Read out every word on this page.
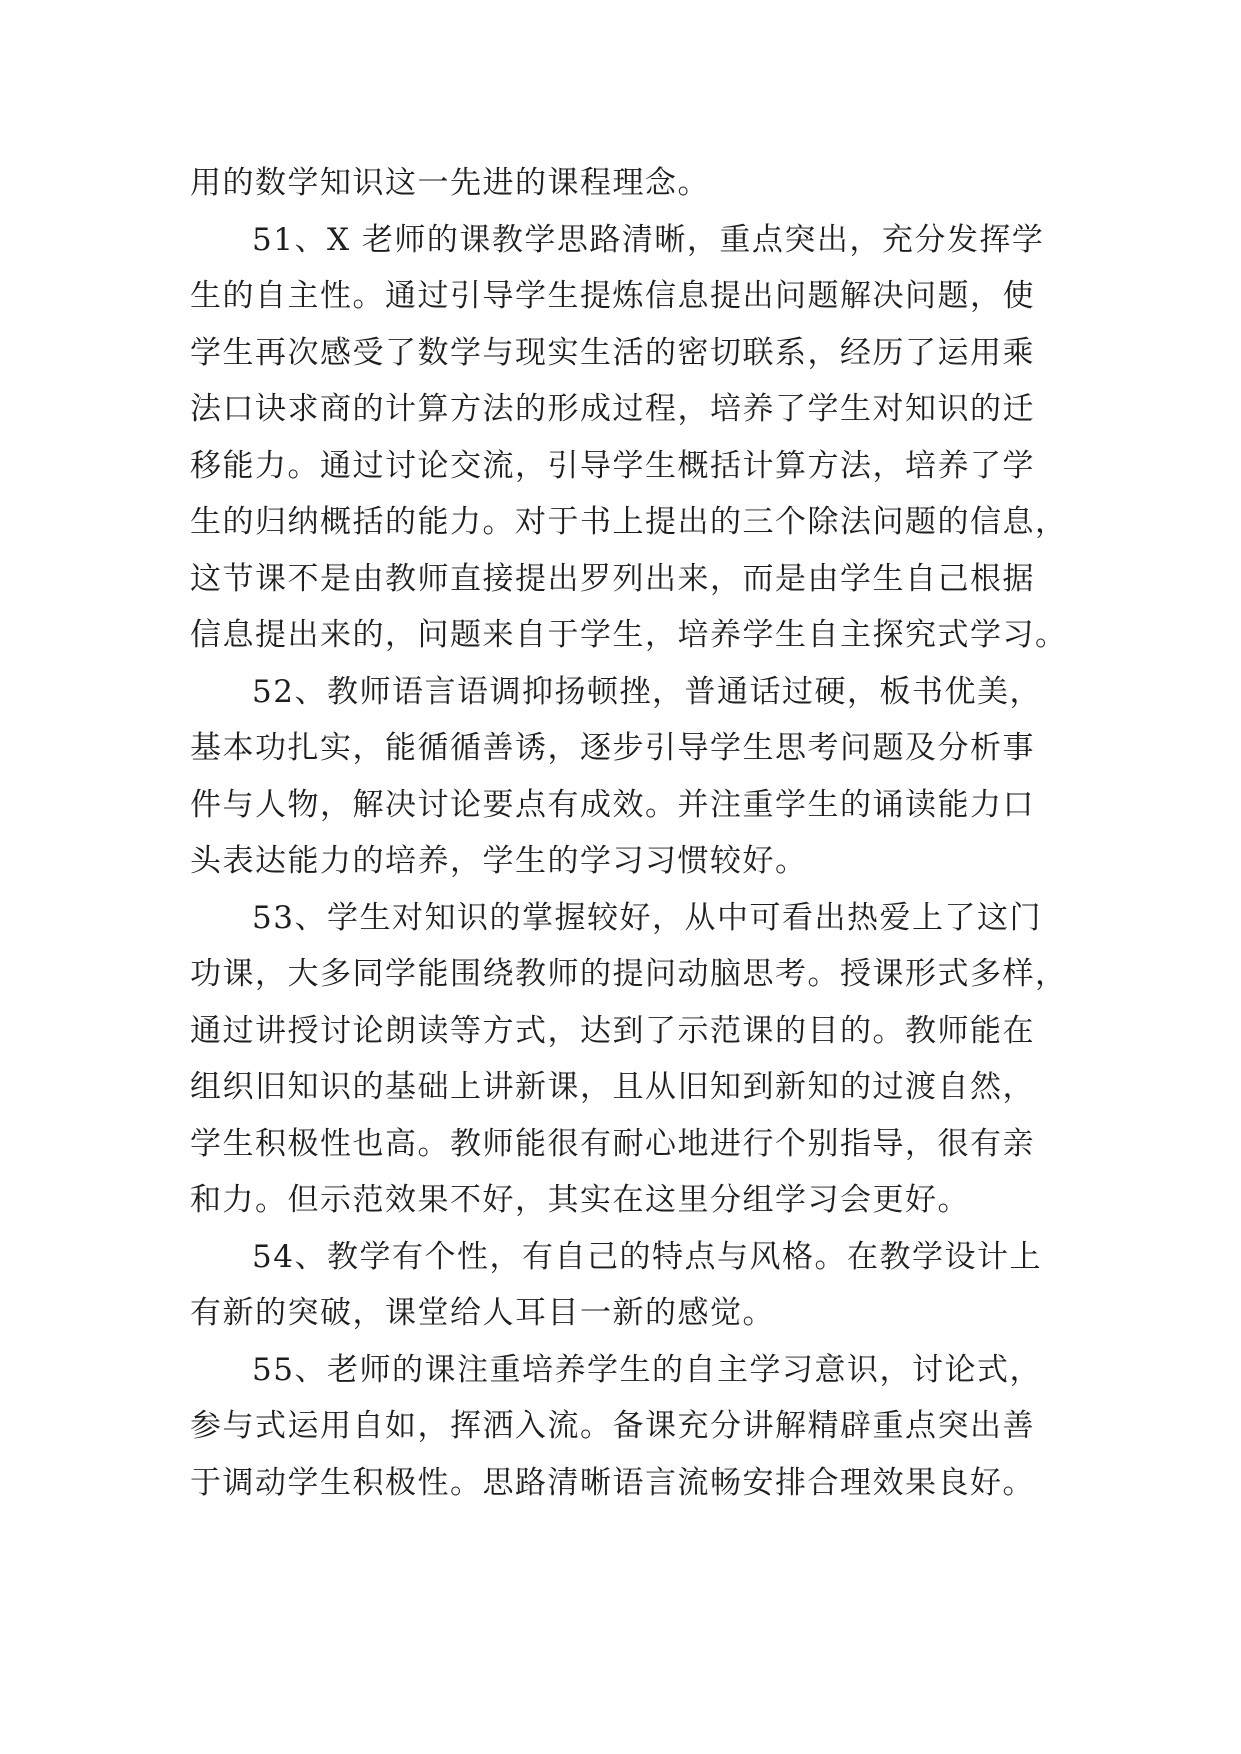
用的数学知识这一先进的课程理念。
51、X 老师的课教学思路清晰，重点突出，充分发挥学
生的自主性。通过引导学生提炼信息提出问题解决问题，使
学生再次感受了数学与现实生活的密切联系，经历了运用乘
法口诀求商的计算方法的形成过程，培养了学生对知识的迁
移能力。通过讨论交流，引导学生概括计算方法，培养了学
生的归纳概括的能力。对于书上提出的三个除法问题的信息，
这节课不是由教师直接提出罗列出来，而是由学生自己根据
信息提出来的，问题来自于学生，培养学生自主探究式学习。
52、教师语言语调抑扬顿挫，普通话过硬，板书优美，
基本功扎实，能循循善诱，逐步引导学生思考问题及分析事
件与人物，解决讨论要点有成效。并注重学生的诵读能力口
头表达能力的培养，学生的学习习惯较好。
53、学生对知识的掌握较好，从中可看出热爱上了这门
功课，大多同学能围绕教师的提问动脑思考。授课形式多样，
通过讲授讨论朗读等方式，达到了示范课的目的。教师能在
组织旧知识的基础上讲新课，且从旧知到新知的过渡自然，
学生积极性也高。教师能很有耐心地进行个别指导，很有亲
和力。但示范效果不好，其实在这里分组学习会更好。
54、教学有个性，有自己的特点与风格。在教学设计上
有新的突破，课堂给人耳目一新的感觉。
55、老师的课注重培养学生的自主学习意识，讨论式，
参与式运用自如，挥洒入流。备课充分讲解精辟重点突出善
于调动学生积极性。思路清晰语言流畅安排合理效果良好。
